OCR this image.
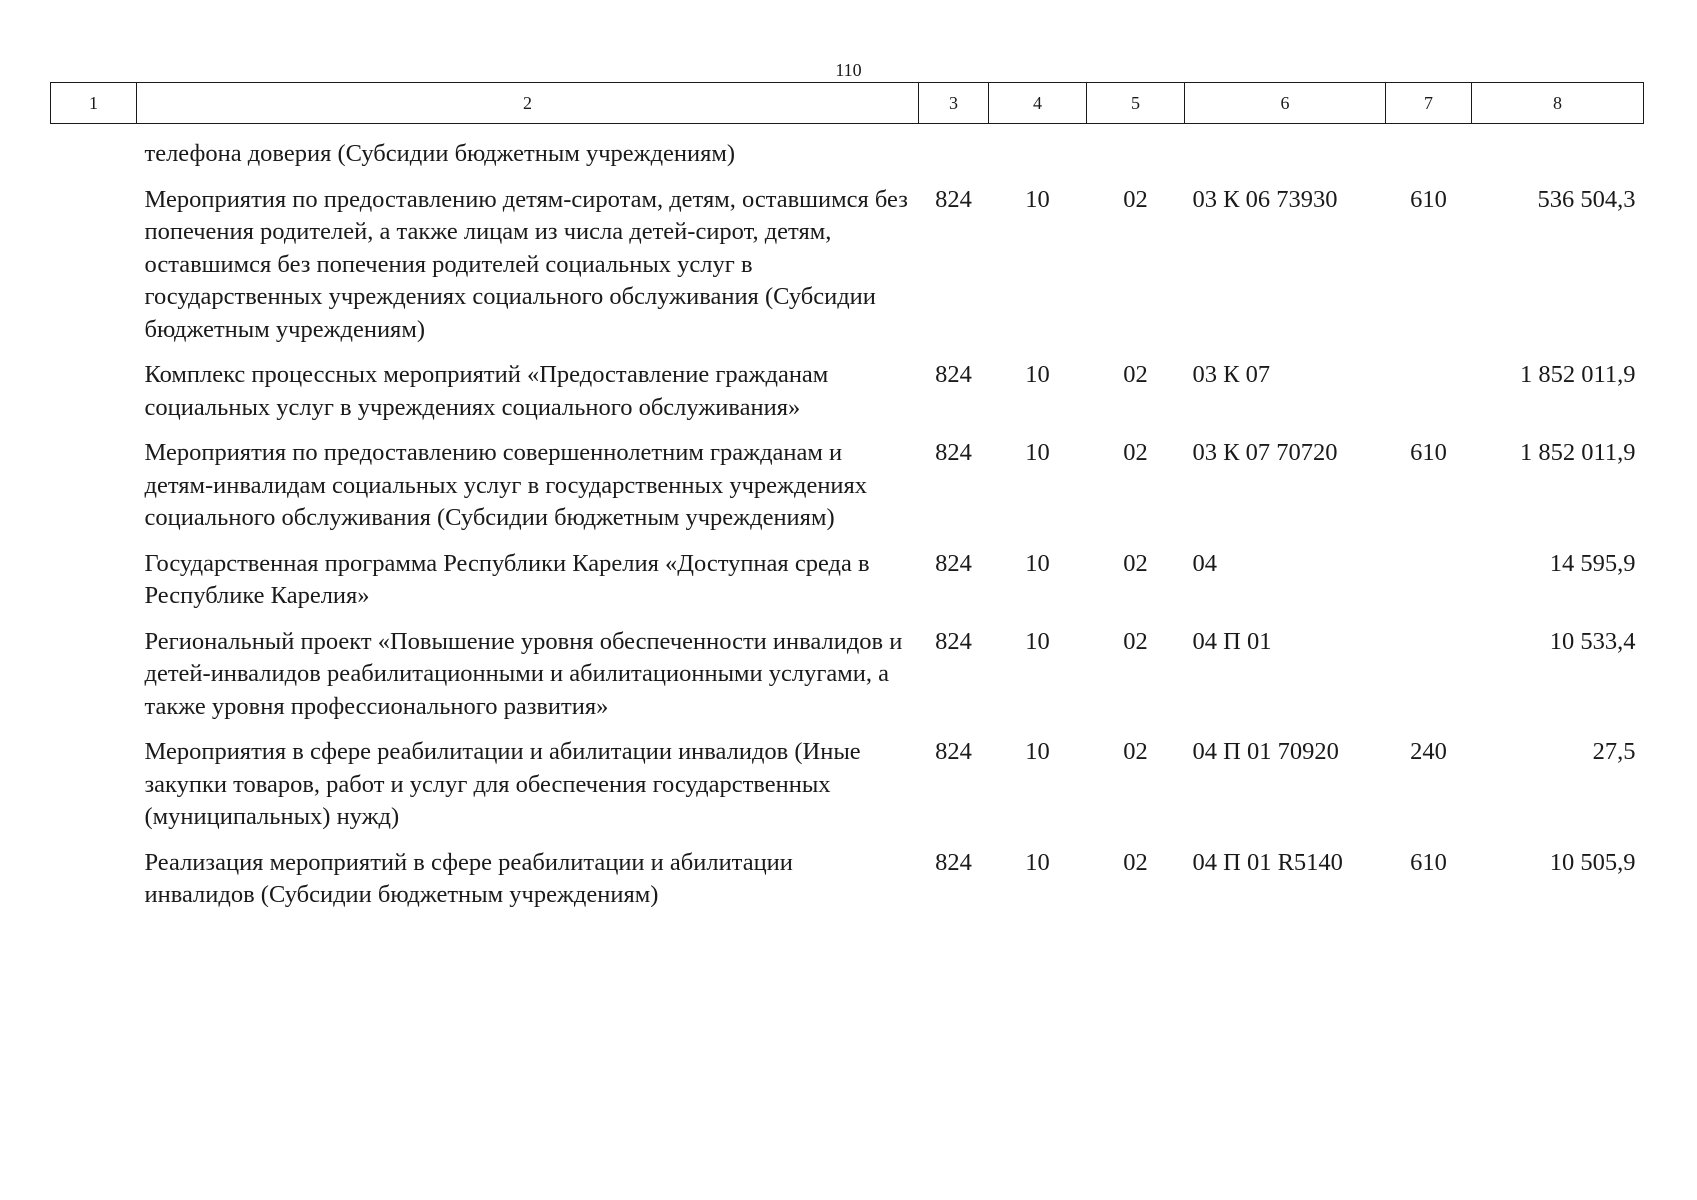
110
1	2	3	4	5	6	7	8
телефона доверия (Субсидии бюджетным учреждениям)							
Мероприятия по предоставлению детям-сиротам, детям, оставшимся без попечения родителей, а также лицам из числа детей-сирот, детям, оставшимся без попечения родителей социальных услуг в государственных учреждениях социального обслуживания (Субсидии бюджетным учреждениям)		824	10	02	03 К 06 73930	610	536 504,3
Комплекс процессных мероприятий «Предоставление гражданам социальных услуг в учреждениях социального обслуживания»		824	10	02	03 К 07		1 852 011,9
Мероприятия по предоставлению совершеннолетним гражданам и детям-инвалидам социальных услуг в государственных учреждениях социального обслуживания (Субсидии бюджетным учреждениям)		824	10	02	03 К 07 70720	610	1 852 011,9
Государственная программа Республики Карелия «Доступная среда в Республике Карелия»		824	10	02	04		14 595,9
Региональный проект «Повышение уровня обеспеченности инвалидов и детей-инвалидов реабилитационными и абилитационными услугами, а также уровня профессионального развития»		824	10	02	04 П 01		10 533,4
Мероприятия в сфере реабилитации и абилитации инвалидов (Иные закупки товаров, работ и услуг для обеспечения государственных (муниципальных) нужд)		824	10	02	04 П 01 70920	240	27,5
Реализация мероприятий в сфере реабилитации и абилитации инвалидов (Субсидии бюджетным учреждениям)		824	10	02	04 П 01 R5140	610	10 505,9
